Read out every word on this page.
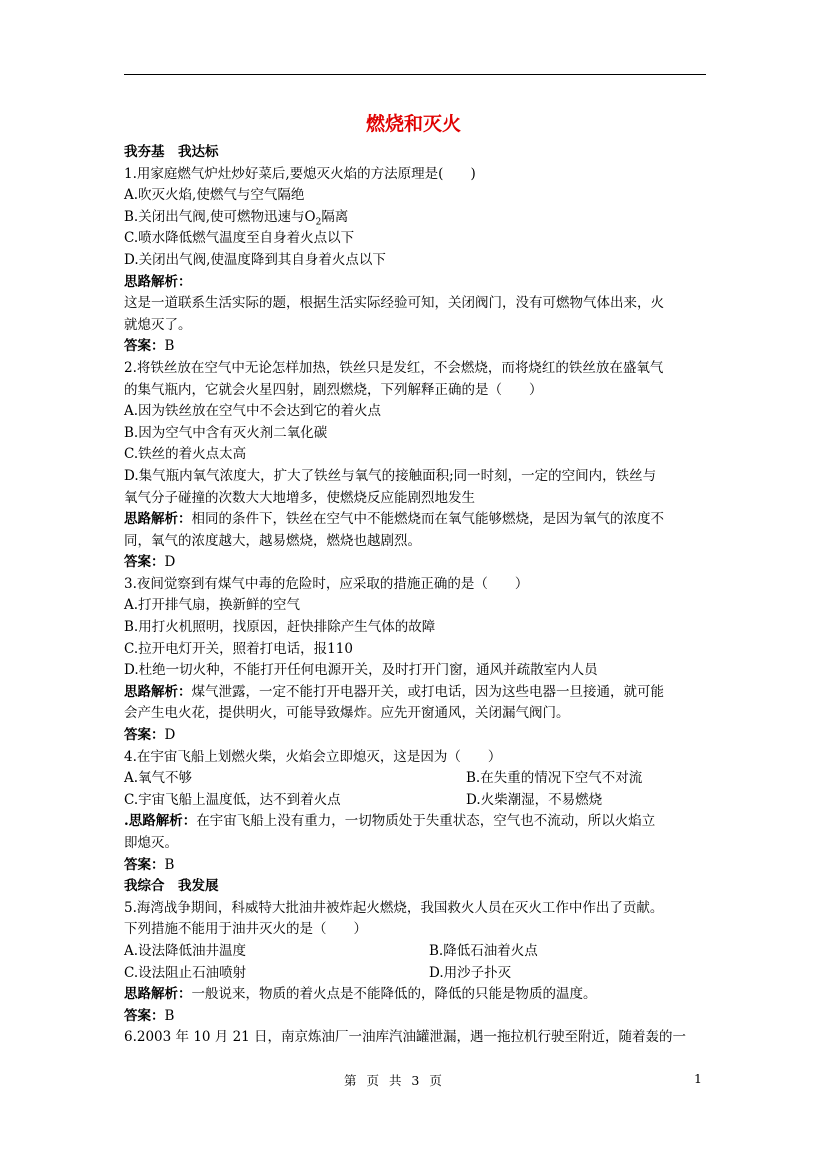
燃烧和灭火
我夯基　我达标
1.用家庭燃气炉灶炒好菜后,要熄灭火焰的方法原理是(　　)
A.吹灭火焰,使燃气与空气隔绝
B.关闭出气阀,使可燃物迅速与$O_2$隔离
C.喷水降低燃气温度至自身着火点以下
D.关闭出气阀,使温度降到其自身着火点以下
思路解析：
这是一道联系生活实际的题，根据生活实际经验可知，关闭阀门，没有可燃物气体出来，火
就熄灭了。
答案：B
2.将铁丝放在空气中无论怎样加热，铁丝只是发红，不会燃烧，而将烧红的铁丝放在盛氧气
的集气瓶内，它就会火星四射，剧烈燃烧，下列解释正确的是（　　）
A.因为铁丝放在空气中不会达到它的着火点
B.因为空气中含有灭火剂二氧化碳
C.铁丝的着火点太高
D.集气瓶内氧气浓度大，扩大了铁丝与氧气的接触面积;同一时刻，一定的空间内，铁丝与
氧气分子碰撞的次数大大地增多，使燃烧反应能剧烈地发生
思路解析：相同的条件下，铁丝在空气中不能燃烧而在氧气能够燃烧，是因为氧气的浓度不
同，氧气的浓度越大，越易燃烧，燃烧也越剧烈。
答案：D
3.夜间觉察到有煤气中毒的危险时，应采取的措施正确的是（　　）
A.打开排气扇，换新鲜的空气
B.用打火机照明，找原因，赶快排除产生气体的故障
C.拉开电灯开关，照着打电话，报110
D.杜绝一切火种，不能打开任何电源开关，及时打开门窗，通风并疏散室内人员
思路解析：煤气泄露，一定不能打开电器开关，或打电话，因为这些电器一旦接通，就可能
会产生电火花，提供明火，可能导致爆炸。应先开窗通风，关闭漏气阀门。
答案：D
4.在宇宙飞船上划燃火柴，火焰会立即熄灭，这是因为（　　）
A.氧气不够	B.在失重的情况下空气不对流
C.宇宙飞船上温度低，达不到着火点	D.火柴潮湿，不易燃烧
.思路解析：在宇宙飞船上没有重力，一切物质处于失重状态，空气也不流动，所以火焰立
即熄灭。
答案：B
我综合　我发展
5.海湾战争期间，科威特大批油井被炸起火燃烧，我国救火人员在灭火工作中作出了贡献。
下列措施不能用于油井灭火的是（　　）
A.设法降低油井温度	B.降低石油着火点
C.设法阻止石油喷射	D.用沙子扑灭
思路解析：一般说来，物质的着火点是不能降低的，降低的只能是物质的温度。
答案：B
6.2003 年 10 月 21 日，南京炼油厂一油库汽油罐泄漏，遇一拖拉机行驶至附近，随着轰的一
第 页 共 3 页	1
